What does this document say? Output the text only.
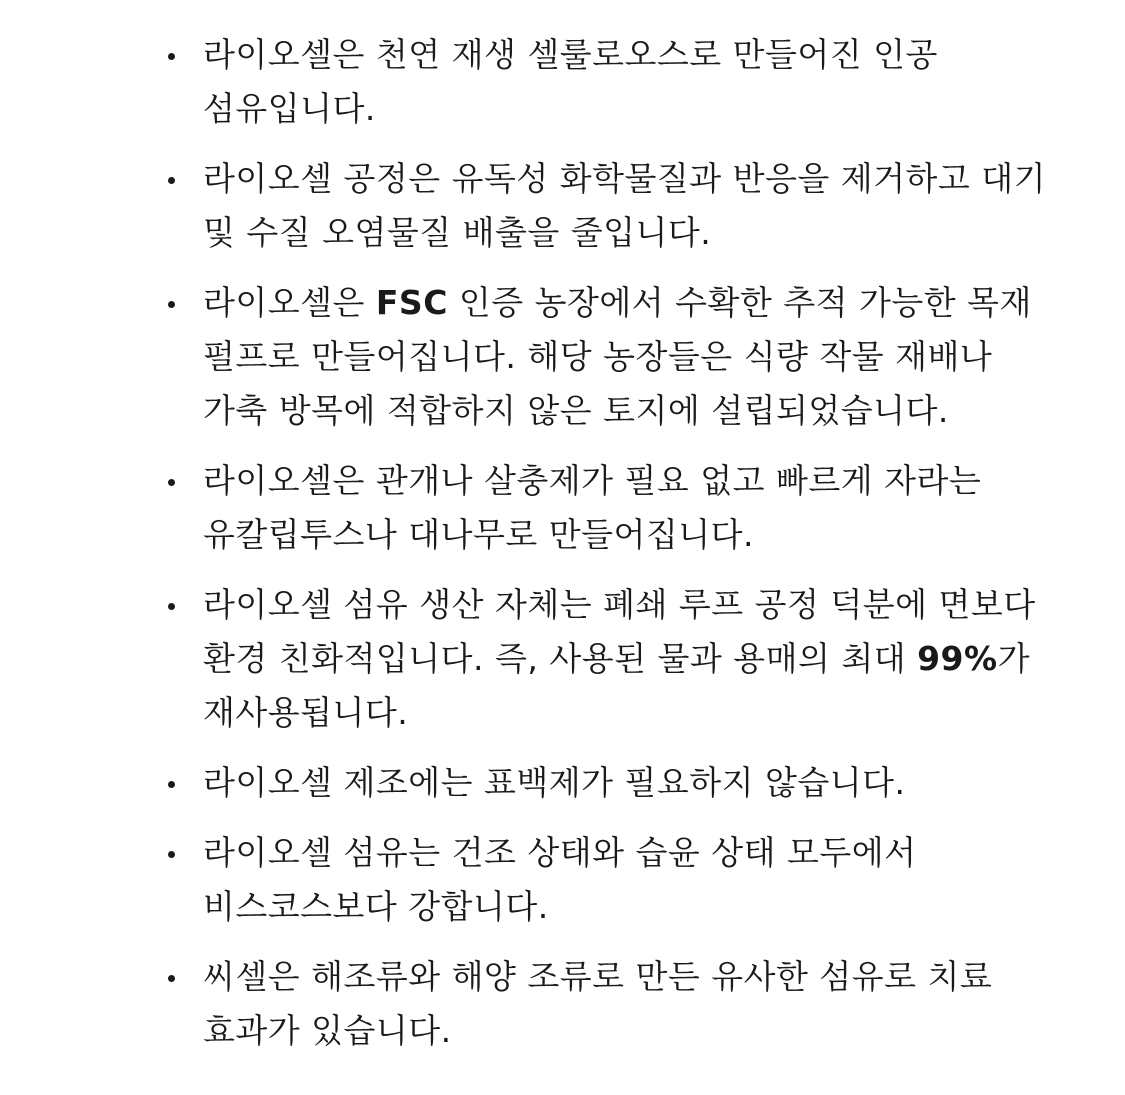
라이오셀은 천연 재생 셀룰로오스로 만들어진 인공 섬유입니다.
라이오셀 공정은 유독성 화학물질과 반응을 제거하고 대기 및 수질 오염물질 배출을 줄입니다.
라이오셀은 FSC 인증 농장에서 수확한 추적 가능한 목재 펄프로 만들어집니다. 해당 농장들은 식량 작물 재배나 가축 방목에 적합하지 않은 토지에 설립되었습니다.
라이오셀은 관개나 살충제가 필요 없고 빠르게 자라는 유칼립투스나 대나무로 만들어집니다.
라이오셀 섬유 생산 자체는 폐쇄 루프 공정 덕분에 면보다 환경 친화적입니다. 즉, 사용된 물과 용매의 최대 99%가 재사용됩니다.
라이오셀 제조에는 표백제가 필요하지 않습니다.
라이오셀 섬유는 건조 상태와 습윤 상태 모두에서 비스코스보다 강합니다.
씨셀은 해조류와 해양 조류로 만든 유사한 섬유로 치료 효과가 있습니다.
